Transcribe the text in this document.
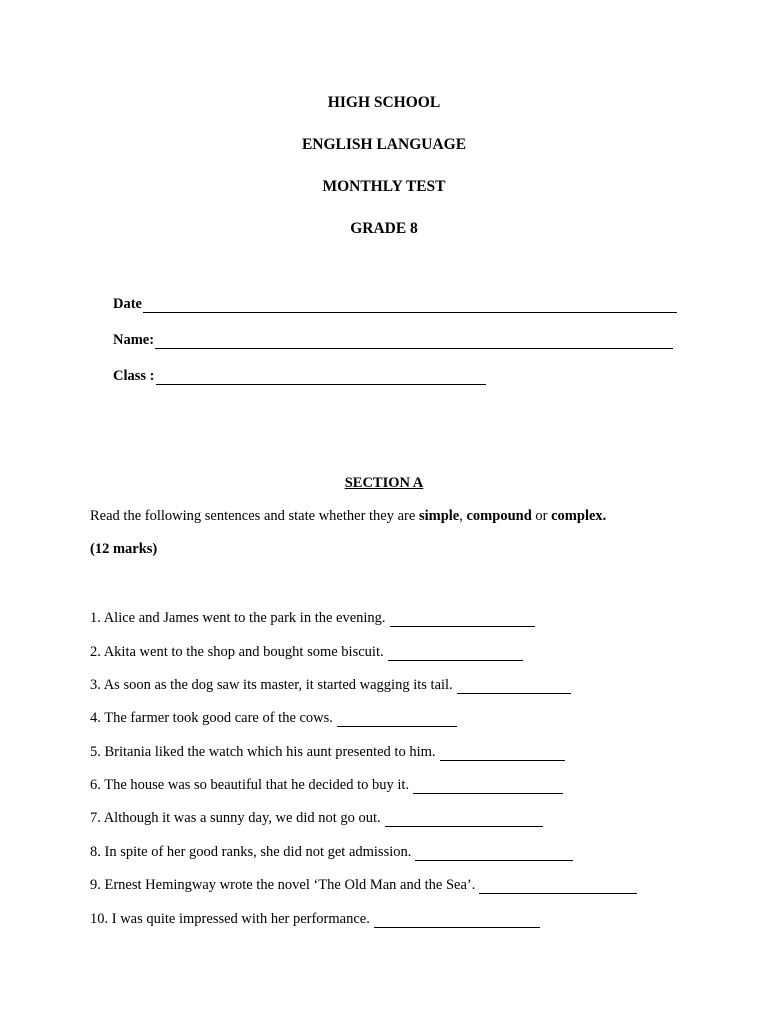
HIGH SCHOOL
ENGLISH LANGUAGE
MONTHLY TEST
GRADE 8
Date
Name:
Class :
SECTION A
Read the following sentences and state whether they are simple, compound or complex.
(12 marks)
1. Alice and James went to the park in the evening.
2. Akita went to the shop and bought some biscuit.
3. As soon as the dog saw its master, it started wagging its tail.
4. The farmer took good care of the cows.
5. Britania liked the watch which his aunt presented to him.
6. The house was so beautiful that he decided to buy it.
7. Although it was a sunny day, we did not go out.
8. In spite of her good ranks, she did not get admission.
9. Ernest Hemingway wrote the novel ‘The Old Man and the Sea’.
10. I was quite impressed with her performance.
